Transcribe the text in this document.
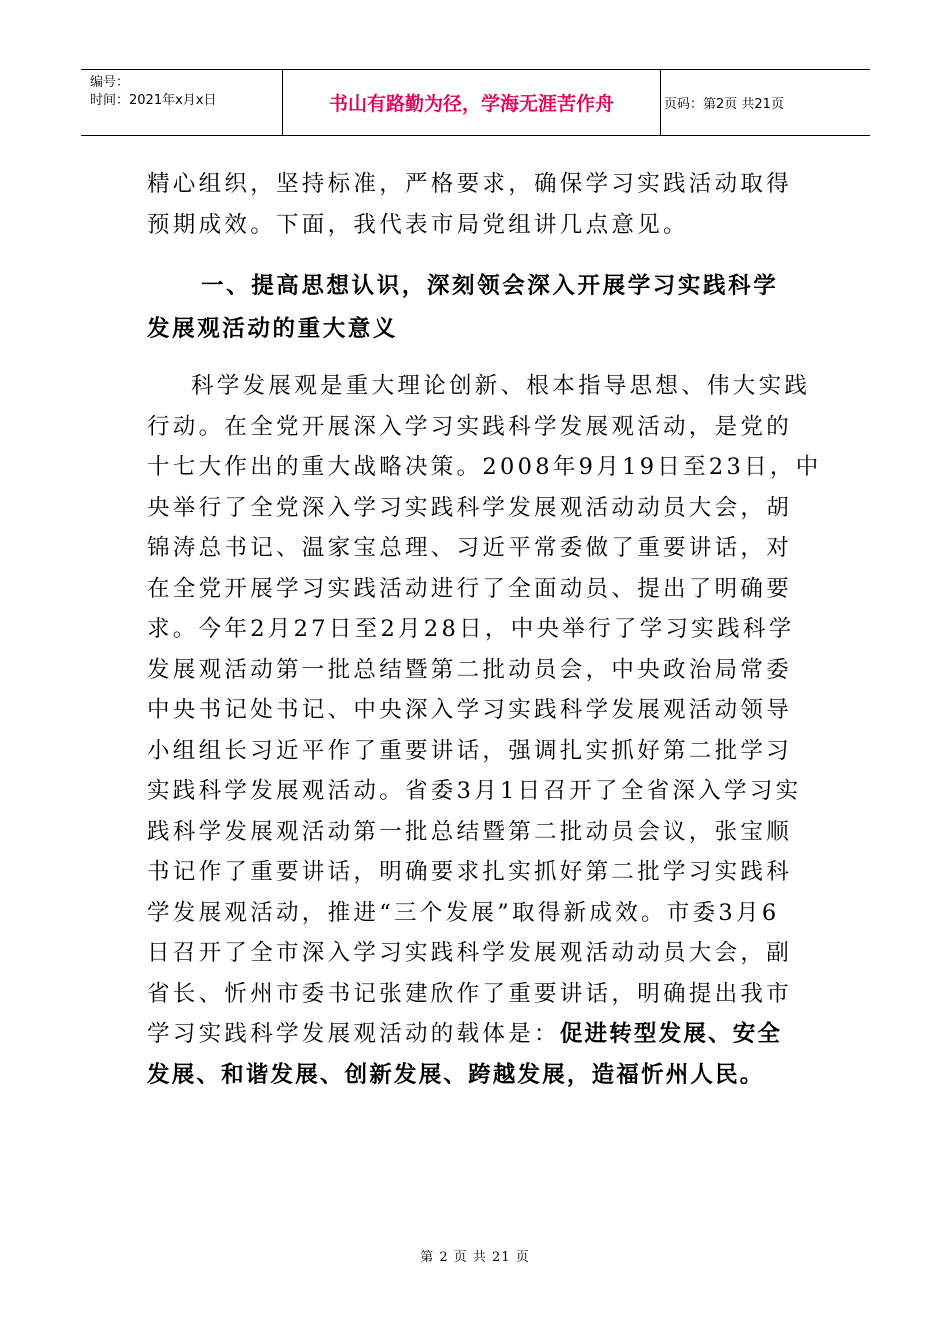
编号：
时间：2021年x月x日	书山有路勤为径，学海无涯苦作舟	页码：第2页 共21页
精心组织，坚持标准，严格要求，确保学习实践活动取得
预期成效。下面，我代表市局党组讲几点意见。
一、提高思想认识，深刻领会深入开展学习实践科学
发展观活动的重大意义
科学发展观是重大理论创新、根本指导思想、伟大实践
行动。在全党开展深入学习实践科学发展观活动，是党的
十七大作出的重大战略决策。2008年9月19日至23日，中
央举行了全党深入学习实践科学发展观活动动员大会，胡
锦涛总书记、温家宝总理、习近平常委做了重要讲话，对
在全党开展学习实践活动进行了全面动员、提出了明确要
求。今年2月27日至2月28日，中央举行了学习实践科学
发展观活动第一批总结暨第二批动员会，中央政治局常委
中央书记处书记、中央深入学习实践科学发展观活动领导
小组组长习近平作了重要讲话，强调扎实抓好第二批学习
实践科学发展观活动。省委3月1日召开了全省深入学习实
践科学发展观活动第一批总结暨第二批动员会议，张宝顺
书记作了重要讲话，明确要求扎实抓好第二批学习实践科
学发展观活动，推进“三个发展”取得新成效。市委3月6
日召开了全市深入学习实践科学发展观活动动员大会，副
省长、忻州市委书记张建欣作了重要讲话，明确提出我市
学习实践科学发展观活动的载体是：促进转型发展、安全
发展、和谐发展、创新发展、跨越发展，造福忻州人民。
第 2 页 共 21 页
